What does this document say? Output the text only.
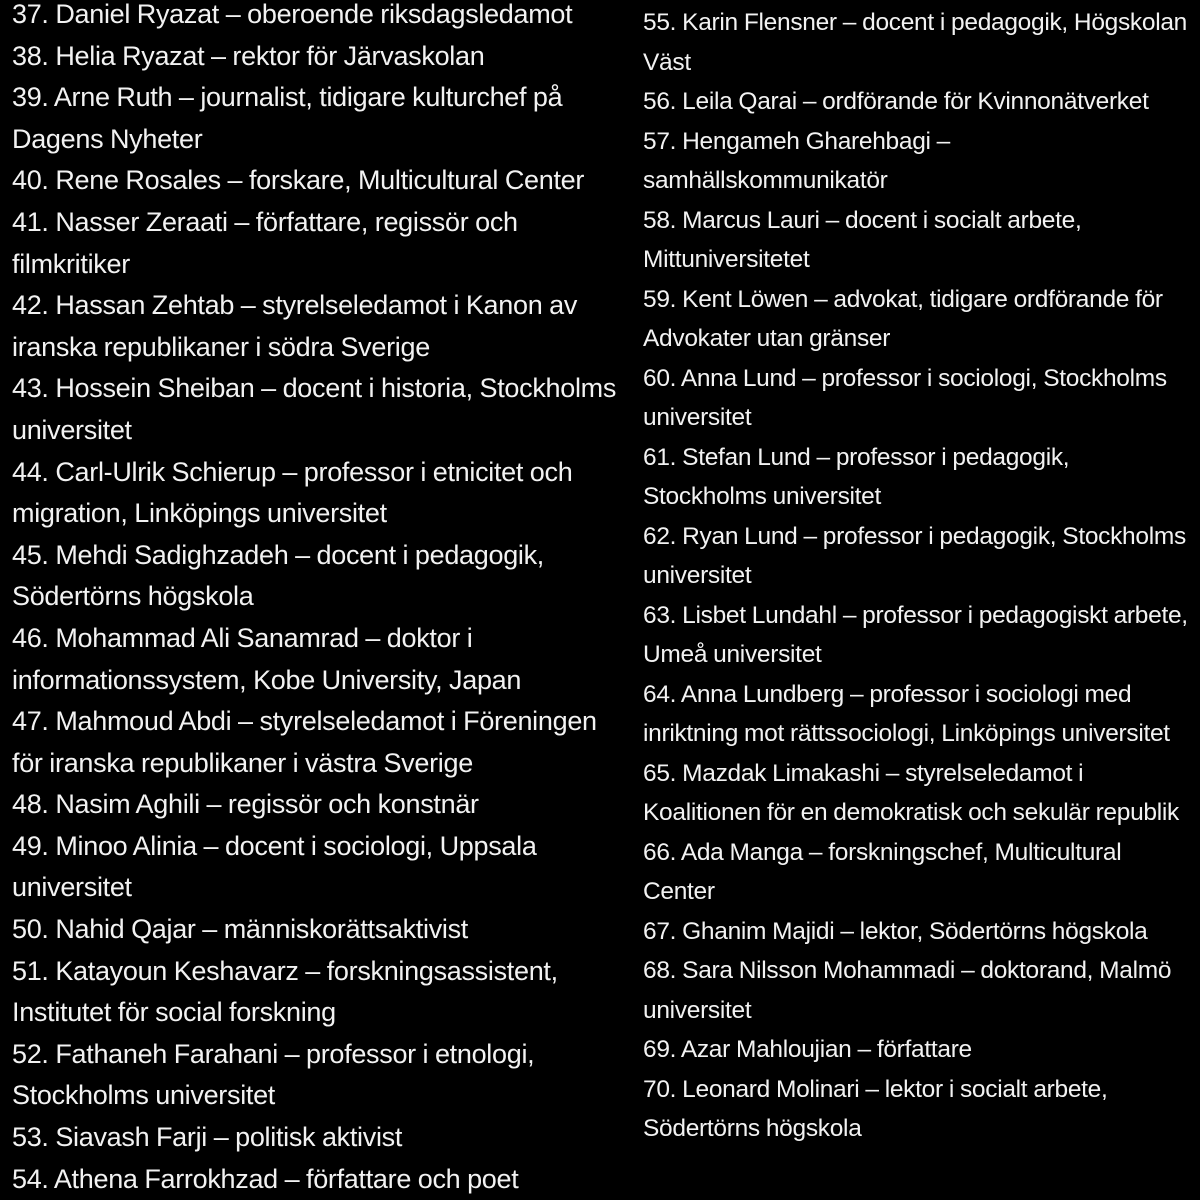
37. Daniel Ryazat – oberoende riksdagsledamot

38. Helia Ryazat – rektor för Järvaskolan

39. Arne Ruth – journalist, tidigare kulturchef på Dagens Nyheter

40. Rene Rosales – forskare, Multicultural Center

41. Nasser Zeraati – författare, regissör och filmkritiker

42. Hassan Zehtab – styrelseledamot i Kanon av iranska republikaner i södra Sverige

43. Hossein Sheiban – docent i historia, Stockholms universitet

44. Carl-Ulrik Schierup – professor i etnicitet och migration, Linköpings universitet

45. Mehdi Sadighzadeh – docent i pedagogik, Södertörns högskola

46. Mohammad Ali Sanamrad – doktor i informationssystem, Kobe University, Japan

47. Mahmoud Abdi – styrelseledamot i Föreningen för iranska republikaner i västra Sverige

48. Nasim Aghili – regissör och konstnär

49. Minoo Alinia – docent i sociologi, Uppsala universitet

50. Nahid Qajar – människorättsaktivist

51. Katayoun Keshavarz – forskningsassistent, Institutet för social forskning

52. Fathaneh Farahani – professor i etnologi, Stockholms universitet

53. Siavash Farji – politisk aktivist

54. Athena Farrokhzad – författare och poet

55. Karin Flensner – docent i pedagogik, Högskolan Väst

56. Leila Qarai – ordförande för Kvinnonätverket

57. Hengameh Gharehbagi – samhällskommunikatör

58. Marcus Lauri – docent i socialt arbete, Mittuniversitetet

59. Kent Löwen – advokat, tidigare ordförande för Advokater utan gränser

60. Anna Lund – professor i sociologi, Stockholms universitet

61. Stefan Lund – professor i pedagogik, Stockholms universitet

62. Ryan Lund – professor i pedagogik, Stockholms universitet

63. Lisbet Lundahl – professor i pedagogiskt arbete, Umeå universitet

64. Anna Lundberg – professor i sociologi med inriktning mot rättssociologi, Linköpings universitet

65. Mazdak Limakashi – styrelseledamot i Koalitionen för en demokratisk och sekulär republik

66. Ada Manga – forskningschef, Multicultural Center

67. Ghanim Majidi – lektor, Södertörns högskola

68. Sara Nilsson Mohammadi – doktorand, Malmö universitet

69. Azar Mahloujian – författare

70. Leonard Molinari – lektor i socialt arbete, Södertörns högskola
